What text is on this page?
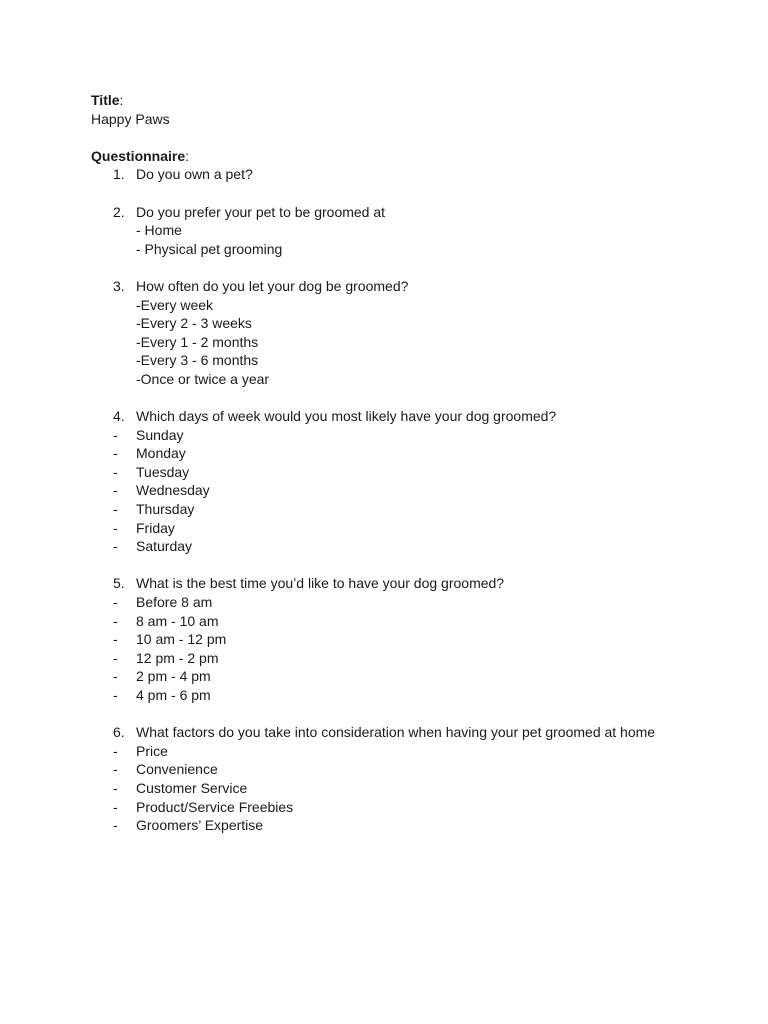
Title:
Happy Paws
Questionnaire:
1. Do you own a pet?
2. Do you prefer your pet to be groomed at
- Home
- Physical pet grooming
3. How often do you let your dog be groomed?
-Every week
-Every 2 - 3 weeks
-Every 1 - 2 months
-Every 3 - 6 months
-Once or twice a year
4. Which days of week would you most likely have your dog groomed?
- Sunday
- Monday
- Tuesday
- Wednesday
- Thursday
- Friday
- Saturday
5. What is the best time you’d like to have your dog groomed?
- Before 8 am
- 8 am - 10 am
- 10 am - 12 pm
- 12 pm - 2 pm
- 2 pm - 4 pm
- 4 pm - 6 pm
6. What factors do you take into consideration when having your pet groomed at home
- Price
- Convenience
- Customer Service
- Product/Service Freebies
- Groomers’ Expertise
